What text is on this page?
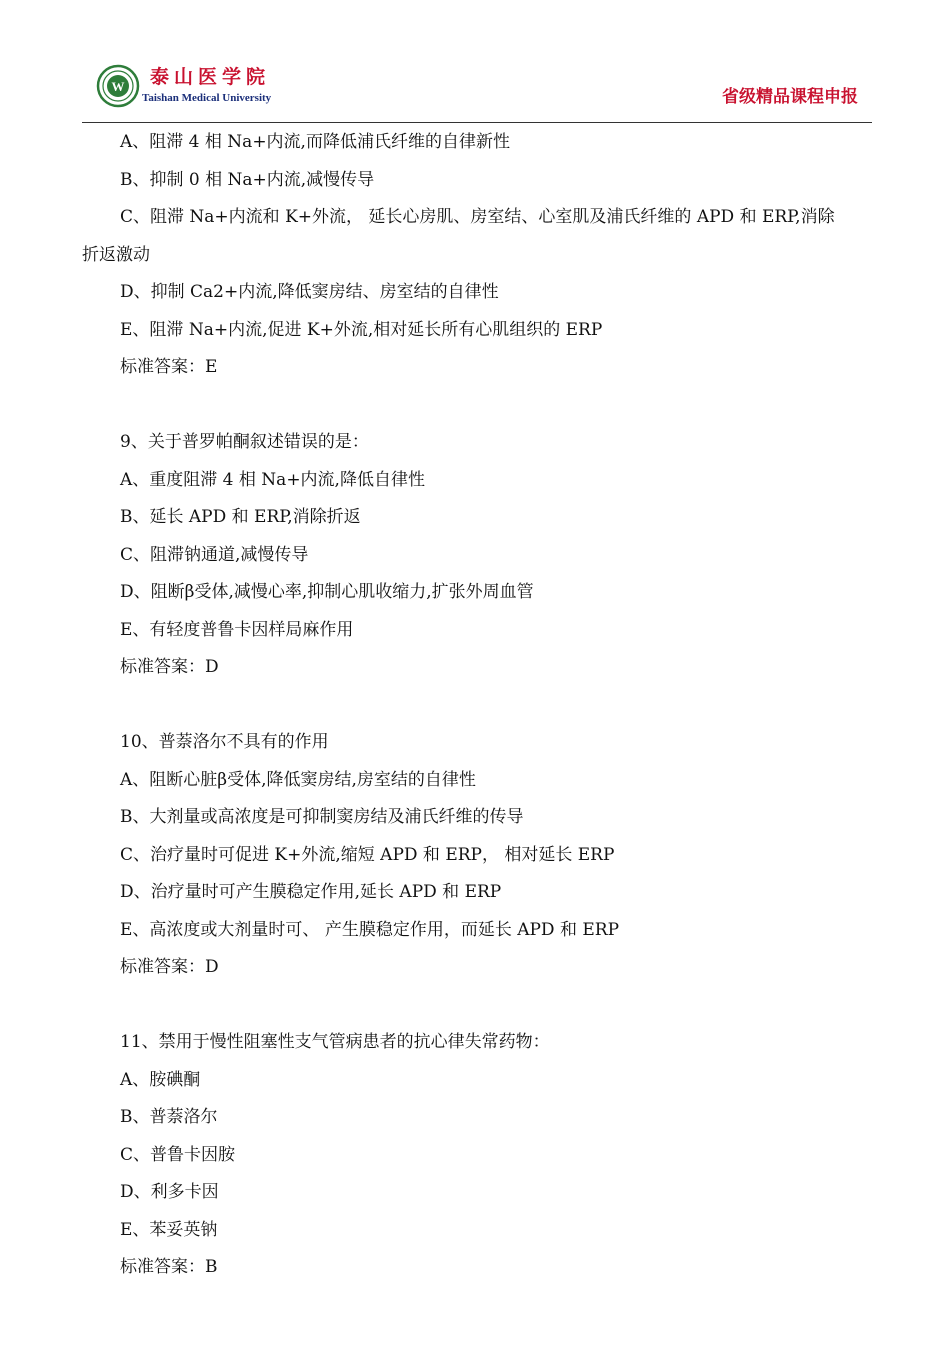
W 泰山医学院
Taishan Medical University	省级精品课程申报
A、阻滞 4 相 Na+内流,而降低浦氏纤维的自律新性
B、抑制 0 相 Na+内流,减慢传导
C、阻滞 Na+内流和 K+外流， 延长心房肌、房室结、心室肌及浦氏纤维的 APD 和 ERP,消除
折返激动
D、抑制 Ca2+内流,降低窦房结、房室结的自律性
E、阻滞 Na+内流,促进 K+外流,相对延长所有心肌组织的 ERP
标准答案：E
9、关于普罗帕酮叙述错误的是：
A、重度阻滞 4 相 Na+内流,降低自律性
B、延长 APD 和 ERP,消除折返
C、阻滞钠通道,减慢传导
D、阻断β受体,减慢心率,抑制心肌收缩力,扩张外周血管
E、有轻度普鲁卡因样局麻作用
标准答案：D
10、普萘洛尔不具有的作用
A、阻断心脏β受体,降低窦房结,房室结的自律性
B、大剂量或高浓度是可抑制窦房结及浦氏纤维的传导
C、治疗量时可促进 K+外流,缩短 APD 和 ERP， 相对延长 ERP
D、治疗量时可产生膜稳定作用,延长 APD 和 ERP
E、高浓度或大剂量时可、 产生膜稳定作用，而延长 APD 和 ERP
标准答案：D
11、禁用于慢性阻塞性支气管病患者的抗心律失常药物：
A、胺碘酮
B、普萘洛尔
C、普鲁卡因胺
D、利多卡因
E、苯妥英钠
标准答案：B
